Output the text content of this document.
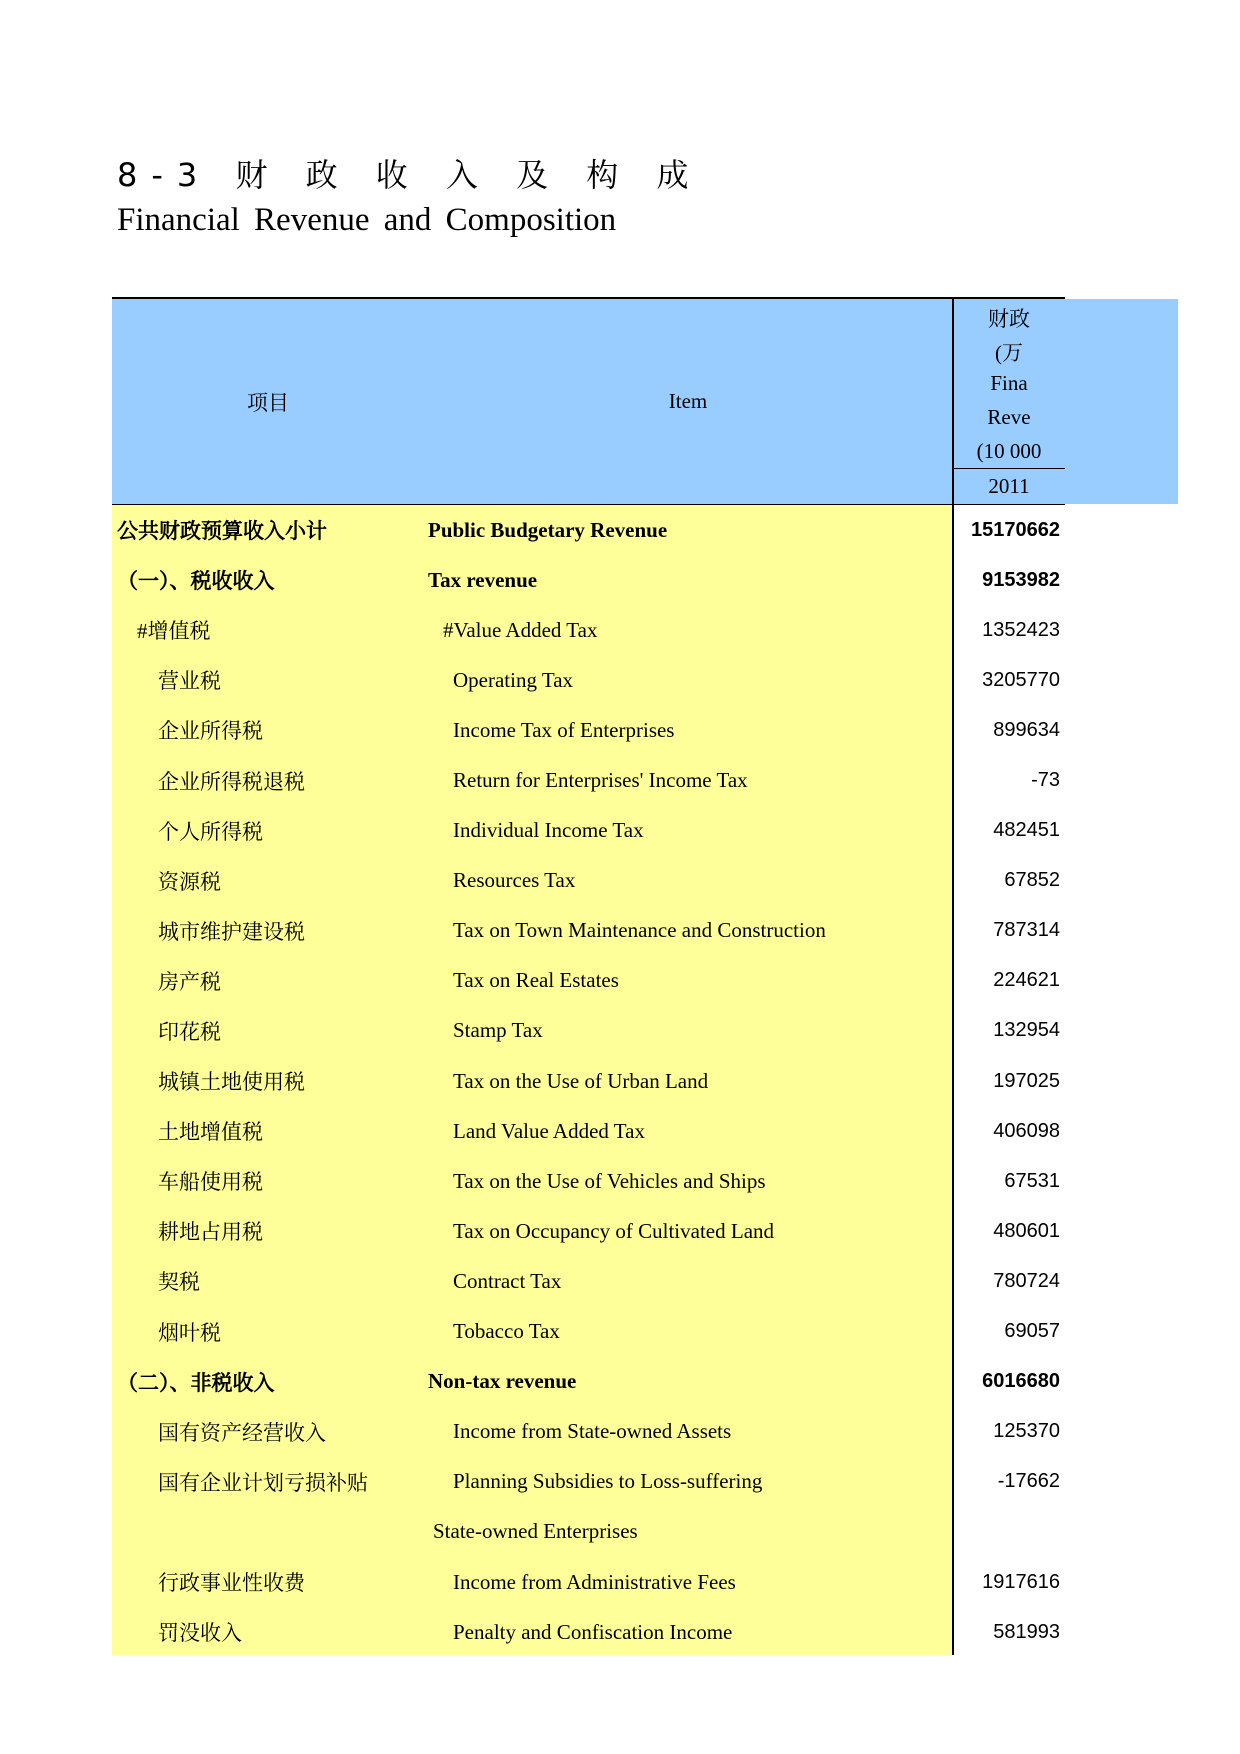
8-3 财 政 收 入 及 构 成
Financial Revenue and Composition
项目	Item
财政
(万
Fina
Reve
(10 000
2011
公共财政预算收入小计	Public Budgetary Revenue	15170662
（一）、税收收入	Tax revenue	9153982
#增值税	#Value Added Tax	1352423
营业税	Operating Tax	3205770
企业所得税	Income Tax of Enterprises	899634
企业所得税退税	Return for Enterprises' Income Tax	-73
个人所得税	Individual Income Tax	482451
资源税	Resources Tax	67852
城市维护建设税	Tax on Town Maintenance and Construction	787314
房产税	Tax on Real Estates	224621
印花税	Stamp Tax	132954
城镇土地使用税	Tax on the Use of Urban Land	197025
土地增值税	Land Value Added Tax	406098
车船使用税	Tax on the Use of Vehicles and Ships	67531
耕地占用税	Tax on Occupancy of Cultivated Land	480601
契税	Contract Tax	780724
烟叶税	Tobacco Tax	69057
（二）、非税收入	Non-tax revenue	6016680
国有资产经营收入	Income from State-owned Assets	125370
国有企业计划亏损补贴	Planning Subsidies to Loss-suffering	-17662
State-owned Enterprises
行政事业性收费	Income from Administrative Fees	1917616
罚没收入	Penalty and Confiscation Income	581993
